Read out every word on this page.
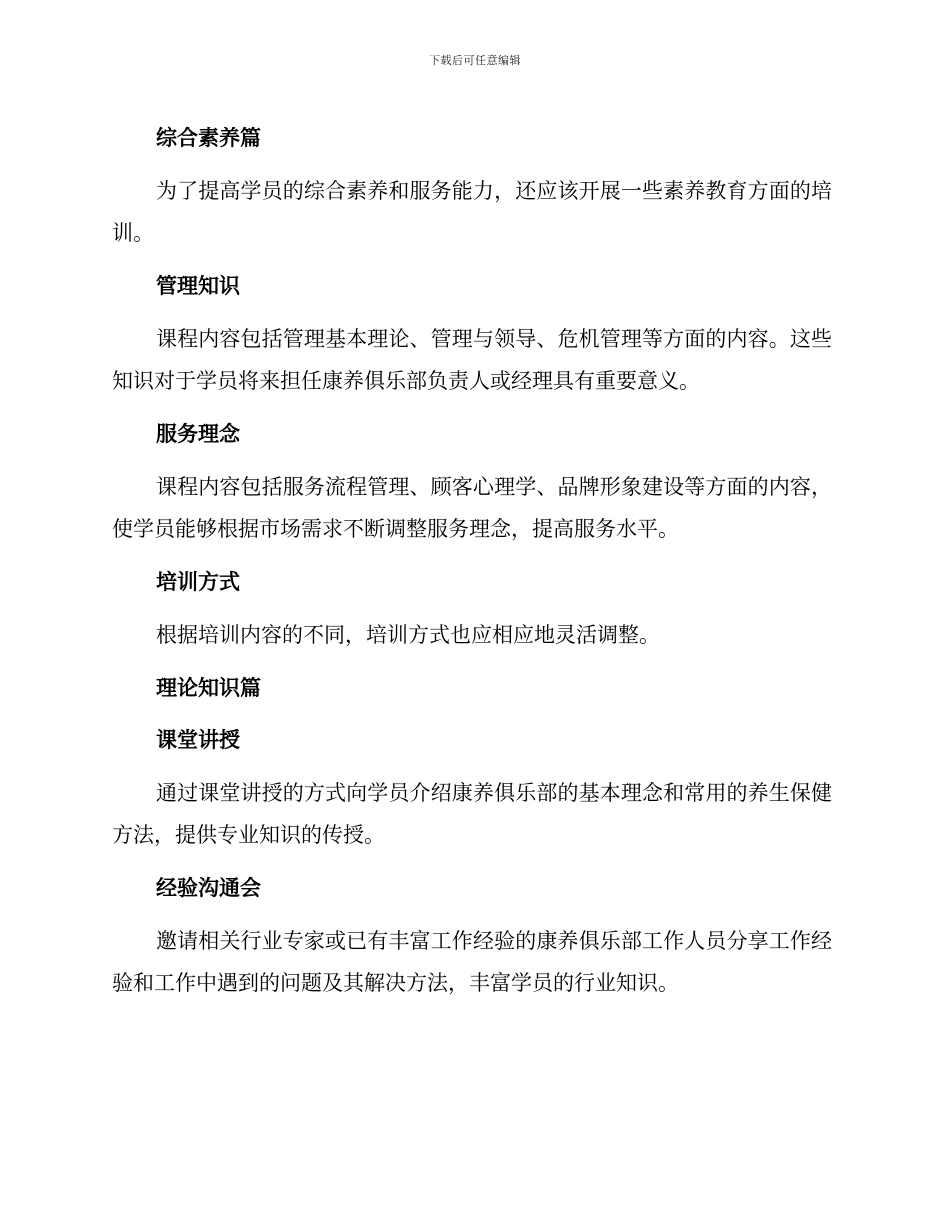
下载后可任意编辑
综合素养篇

为了提高学员的综合素养和服务能力，还应该开展一些素养教育方面的培训。

管理知识

课程内容包括管理基本理论、管理与领导、危机管理等方面的内容。这些知识对于学员将来担任康养俱乐部负责人或经理具有重要意义。

服务理念

课程内容包括服务流程管理、顾客心理学、品牌形象建设等方面的内容，使学员能够根据市场需求不断调整服务理念，提高服务水平。

培训方式

根据培训内容的不同，培训方式也应相应地灵活调整。

理论知识篇
课堂讲授

通过课堂讲授的方式向学员介绍康养俱乐部的基本理念和常用的养生保健方法，提供专业知识的传授。

经验沟通会

邀请相关行业专家或已有丰富工作经验的康养俱乐部工作人员分享工作经验和工作中遇到的问题及其解决方法，丰富学员的行业知识。
